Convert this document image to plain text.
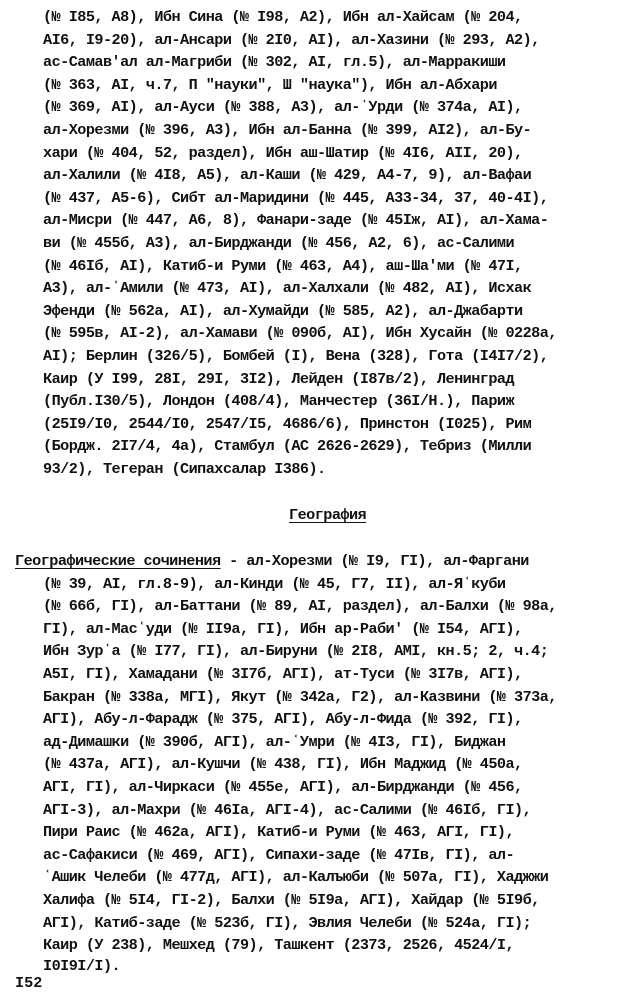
(№ I85, A8), Ибн Сина (№ I98, A2), Ибн ал-Хайсам (№ 204,
AI6, I9-20), ал-Ансари (№ 2I0, AI), ал-Хазини (№ 293, A2),
ас-Самав'ал ал-Магриби (№ 302, AI, гл.5), ал-Марракиши
(№ 363, AI, ч.7, П "науки", Ш "наука"), Ибн ал-Абхари
(№ 369, AI), ал-Ауси (№ 388, A3), ал-ʿУрди (№ 374а, AI),
ал-Хорезми (№ 396, A3), Ибн ал-Банна (№ 399, AI2), ал-Бу-
хари (№ 404, 52, раздел), Ибн аш-Шатир (№ 4I6, AII, 20),
ал-Халили (№ 4I8, A5), ал-Каши (№ 429, A4-7, 9), ал-Вафаи
(№ 437, A5-6), Сибт ал-Маридини (№ 445, A33-34, 37, 40-4I),
ал-Мисри (№ 447, A6, 8), Фанари-заде (№ 45Iж, AI), ал-Хама-
ви (№ 455б, A3), ал-Бирджанди (№ 456, A2, 6), ас-Салими
(№ 46Iб, AI), Катиб-и Руми (№ 463, A4), аш-Ша'ми (№ 47I,
A3), ал-ʿАмили (№ 473, AI), ал-Халхали (№ 482, AI), Исхак
Эфенди (№ 562а, AI), ал-Хумайди (№ 585, A2), ал-Джабарти
(№ 595в, AI-2), ал-Хамави (№ 090б, AI), Ибн Хусайн (№ 0228а,
AI); Берлин (326/5), Бомбей (I), Вена (328), Гота (I4I7/2),
Каир (У I99, 28I, 29I, 3I2), Лейден (I87в/2), Ленинград
(Публ.I30/5), Лондон (408/4), Манчестер (36I/Н.), Париж
(25I9/I0, 2544/I0, 2547/I5, 4686/6), Принстон (I025), Рим
(Бордж. 2I7/4, 4а), Стамбул (АС 2626-2629), Тебриз (Милли
93/2), Тегеран (Сипахсалар I386).
География
Географические сочинения - ал-Хорезми (№ I9, ГI), ал-Фаргани
(№ 39, AI, гл.8-9), ал-Кинди (№ 45, Г7, II), ал-Яʿкуби
(№ 66б, ГI), ал-Баттани (№ 89, AI, раздел), ал-Балхи (№ 98а,
ГI), ал-Масʿуди (№ II9а, ГI), Ибн ар-Раби' (№ I54, AГI),
Ибн Зурʿа (№ I77, ГI), ал-Бируни (№ 2I8, AMI, кн.5; 2, ч.4;
A5I, ГI), Хамадани (№ 3I7б, AГI), ат-Туси (№ 3I7в, AГI),
Бакран (№ 338а, MГI), Якут (№ 342а, Г2), ал-Казвини (№ 373а,
AГI), Абу-л-Фарадж (№ 375, AГI), Абу-л-Фида (№ 392, ГI),
ад-Димашки (№ 390б, AГI), ал-ʿУмри (№ 4I3, ГI), Биджан
(№ 437а, AГI), ал-Кушчи (№ 438, ГI), Ибн Маджид (№ 450а,
AГI, ГI), ал-Чиркаси (№ 455е, AГI), ал-Бирджанди (№ 456,
AГI-3), ал-Махри (№ 46Iа, AГI-4), ас-Салими (№ 46Iб, ГI),
Пири Раис (№ 462а, AГI), Катиб-и Руми (№ 463, AГI, ГI),
ас-Сафакиси (№ 469, AГI), Сипахи-заде (№ 47Iв, ГI), ал-
ʿАшик Челеби (№ 477д, AГI), ал-Калъюби (№ 507а, ГI), Хаджжи
Халифа (№ 5I4, ГI-2), Балхи (№ 5I9а, AГI), Хайдар (№ 5I9б,
AГI), Катиб-заде (№ 523б, ГI), Эвлия Челеби (№ 524а, ГI);
Каир (У 238), Мешхед (79), Ташкент (2373, 2526, 4524/I,
I0I9I/I).
I52
